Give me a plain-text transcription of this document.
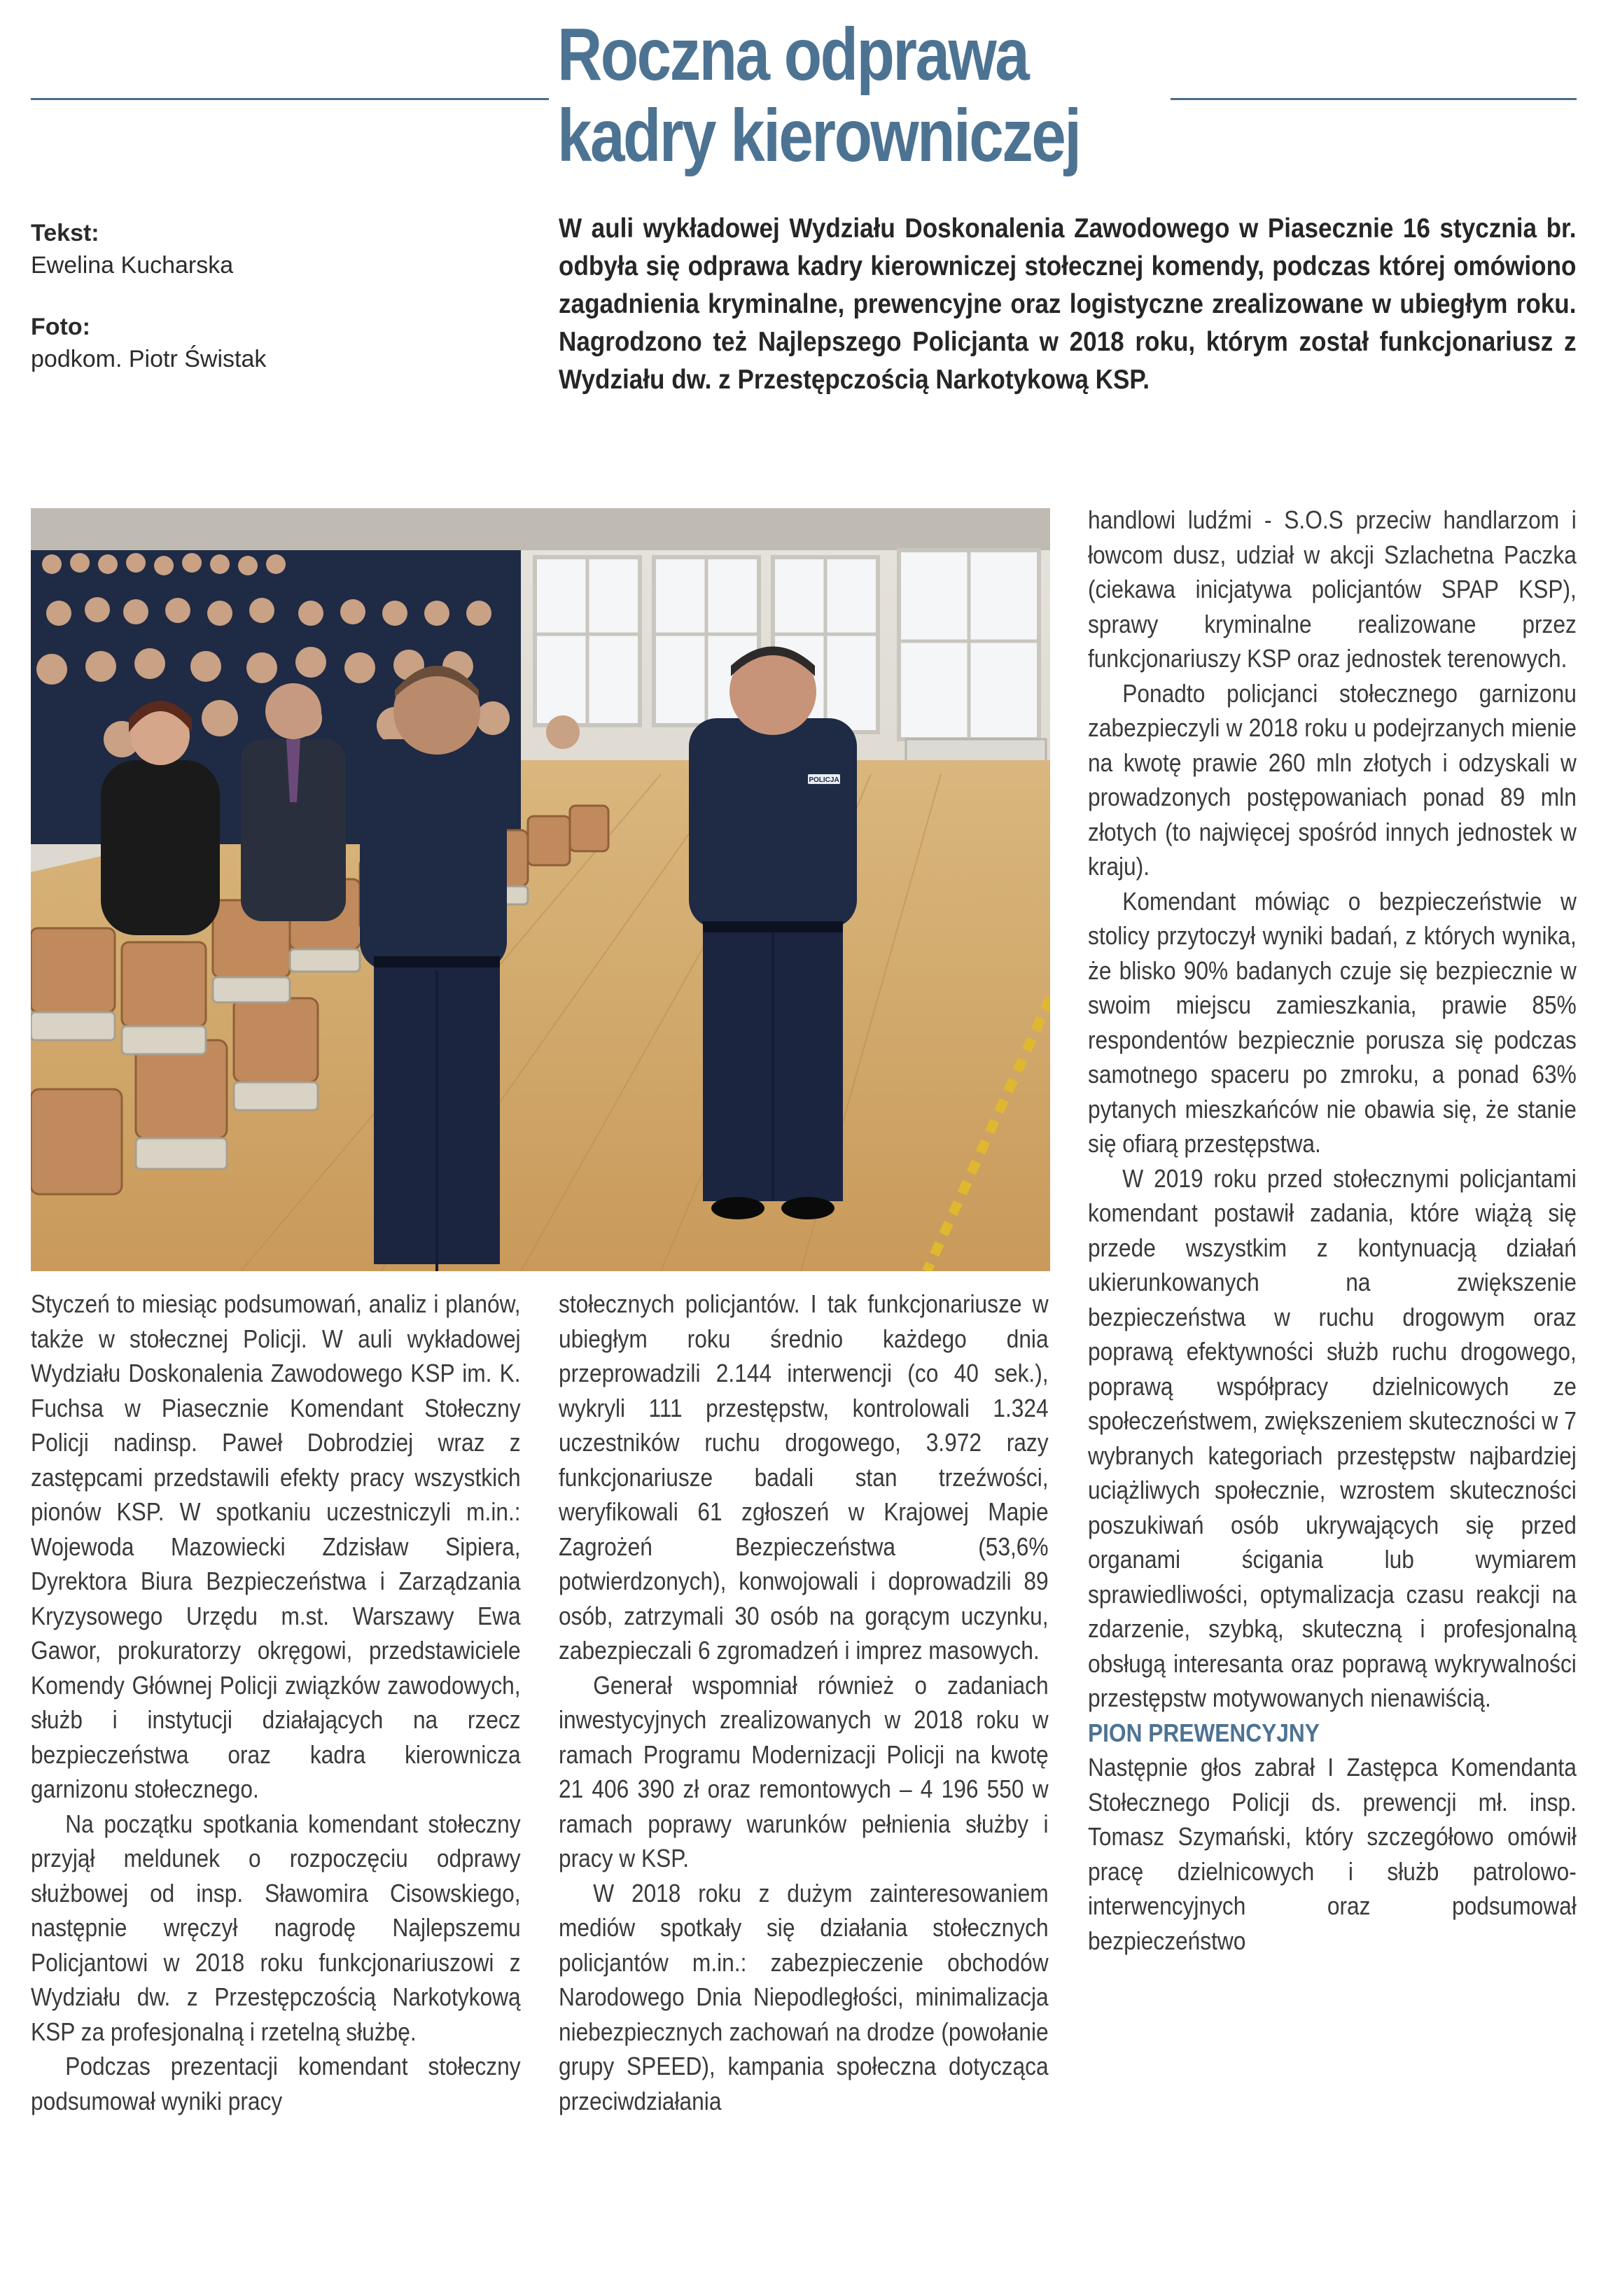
Roczna odprawa
kadry kierowniczej
Tekst:
Ewelina Kucharska
Foto:
podkom. Piotr Świstak

W auli wykładowej Wydziału Doskonalenia Zawodowego w Piasecznie 16 stycznia br. odbyła się odprawa kadry kierowniczej stołecznej komendy, podczas której omówiono zagadnienia kryminalne, prewencyjne oraz logistyczne zrealizowane w ubiegłym roku. Nagrodzono też Najlepszego Policjanta w 2018 roku, którym został funkcjonariusz z Wydziału dw. z Przestępczością Narkotykową KSP.

POLICJA

Styczeń to miesiąc podsumowań, analiz i planów, także w stołecznej Policji. W auli wykładowej Wydziału Doskonalenia Zawodowego KSP im. K. Fuchsa w Piasecznie Komendant Stołeczny Policji nadinsp. Paweł Dobrodziej wraz z zastępcami przedstawili efekty pracy wszystkich pionów KSP. W spotkaniu uczestniczyli m.in.: Wojewoda Mazowiecki Zdzisław Sipiera, Dyrektora Biura Bezpieczeństwa i Zarządzania Kryzysowego Urzędu m.st. Warszawy Ewa Gawor, prokuratorzy okręgowi, przedstawiciele Komendy Głównej Policji związków zawodowych, służb i instytucji działających na rzecz bezpieczeństwa oraz kadra kierownicza garnizonu stołecznego.

Na początku spotkania komendant stołeczny przyjął meldunek o rozpoczęciu odprawy służbowej od insp. Sławomira Cisowskiego, następnie wręczył nagrodę Najlepszemu Policjantowi w 2018 roku funkcjonariuszowi z Wydziału dw. z Przestępczością Narkotykową KSP za profesjonalną i rzetelną służbę.

Podczas prezentacji komendant stołeczny podsumował wyniki pracy

stołecznych policjantów. I tak funkcjonariusze w ubiegłym roku średnio każdego dnia przeprowadzili 2.144 interwencji (co 40 sek.), wykryli 111 przestępstw, kontrolowali 1.324 uczestników ruchu drogowego, 3.972 razy funkcjonariusze badali stan trzeźwości, weryfikowali 61 zgłoszeń w Krajowej Mapie Zagrożeń Bezpieczeństwa (53,6% potwierdzonych), konwojowali i doprowadzili 89 osób, zatrzymali 30 osób na gorącym uczynku, zabezpieczali 6 zgromadzeń i imprez masowych.

Generał wspomniał również o zadaniach inwestycyjnych zrealizowanych w 2018 roku w ramach Programu Modernizacji Policji na kwotę 21 406 390 zł oraz remontowych – 4 196 550 w ramach poprawy warunków pełnienia służby i pracy w KSP.

W 2018 roku z dużym zainteresowaniem mediów spotkały się działania stołecznych policjantów m.in.: zabezpieczenie obchodów Narodowego Dnia Niepodległości, minimalizacja niebezpiecznych zachowań na drodze (powołanie grupy SPEED), kampania społeczna dotycząca przeciwdziałania

handlowi ludźmi - S.O.S przeciw handlarzom i łowcom dusz, udział w akcji Szlachetna Paczka (ciekawa inicjatywa policjantów SPAP KSP), sprawy kryminalne realizowane przez funkcjonariuszy KSP oraz jednostek terenowych.

Ponadto policjanci stołecznego garnizonu zabezpieczyli w 2018 roku u podejrzanych mienie na kwotę prawie 260 mln złotych i odzyskali w prowadzonych postępowaniach ponad 89 mln złotych (to najwięcej spośród innych jednostek w kraju).

Komendant mówiąc o bezpieczeństwie w stolicy przytoczył wyniki badań, z których wynika, że blisko 90% badanych czuje się bezpiecznie w swoim miejscu zamieszkania, prawie 85% respondentów bezpiecznie porusza się podczas samotnego spaceru po zmroku, a ponad 63% pytanych mieszkańców nie obawia się, że stanie się ofiarą przestępstwa.

W 2019 roku przed stołecznymi policjantami komendant postawił zadania, które wiążą się przede wszystkim z kontynuacją działań ukierunkowanych na zwiększenie bezpieczeństwa w ruchu drogowym oraz poprawą efektywności służb ruchu drogowego, poprawą współpracy dzielnicowych ze społeczeństwem, zwiększeniem skuteczności w 7 wybranych kategoriach przestępstw najbardziej uciążliwych społecznie, wzrostem skuteczności poszukiwań osób ukrywających się przed organami ścigania lub wymiarem sprawiedliwości, optymalizacja czasu reakcji na zdarzenie, szybką, skuteczną i profesjonalną obsługą interesanta oraz poprawą wykrywalności przestępstw motywowanych nienawiścią.

PION PREWENCYJNY

Następnie głos zabrał I Zastępca Komendanta Stołecznego Policji ds. prewencji mł. insp. Tomasz Szymański, który szczegółowo omówił pracę dzielnicowych i służb patrolowo-interwencyjnych oraz podsumował bezpieczeństwo
